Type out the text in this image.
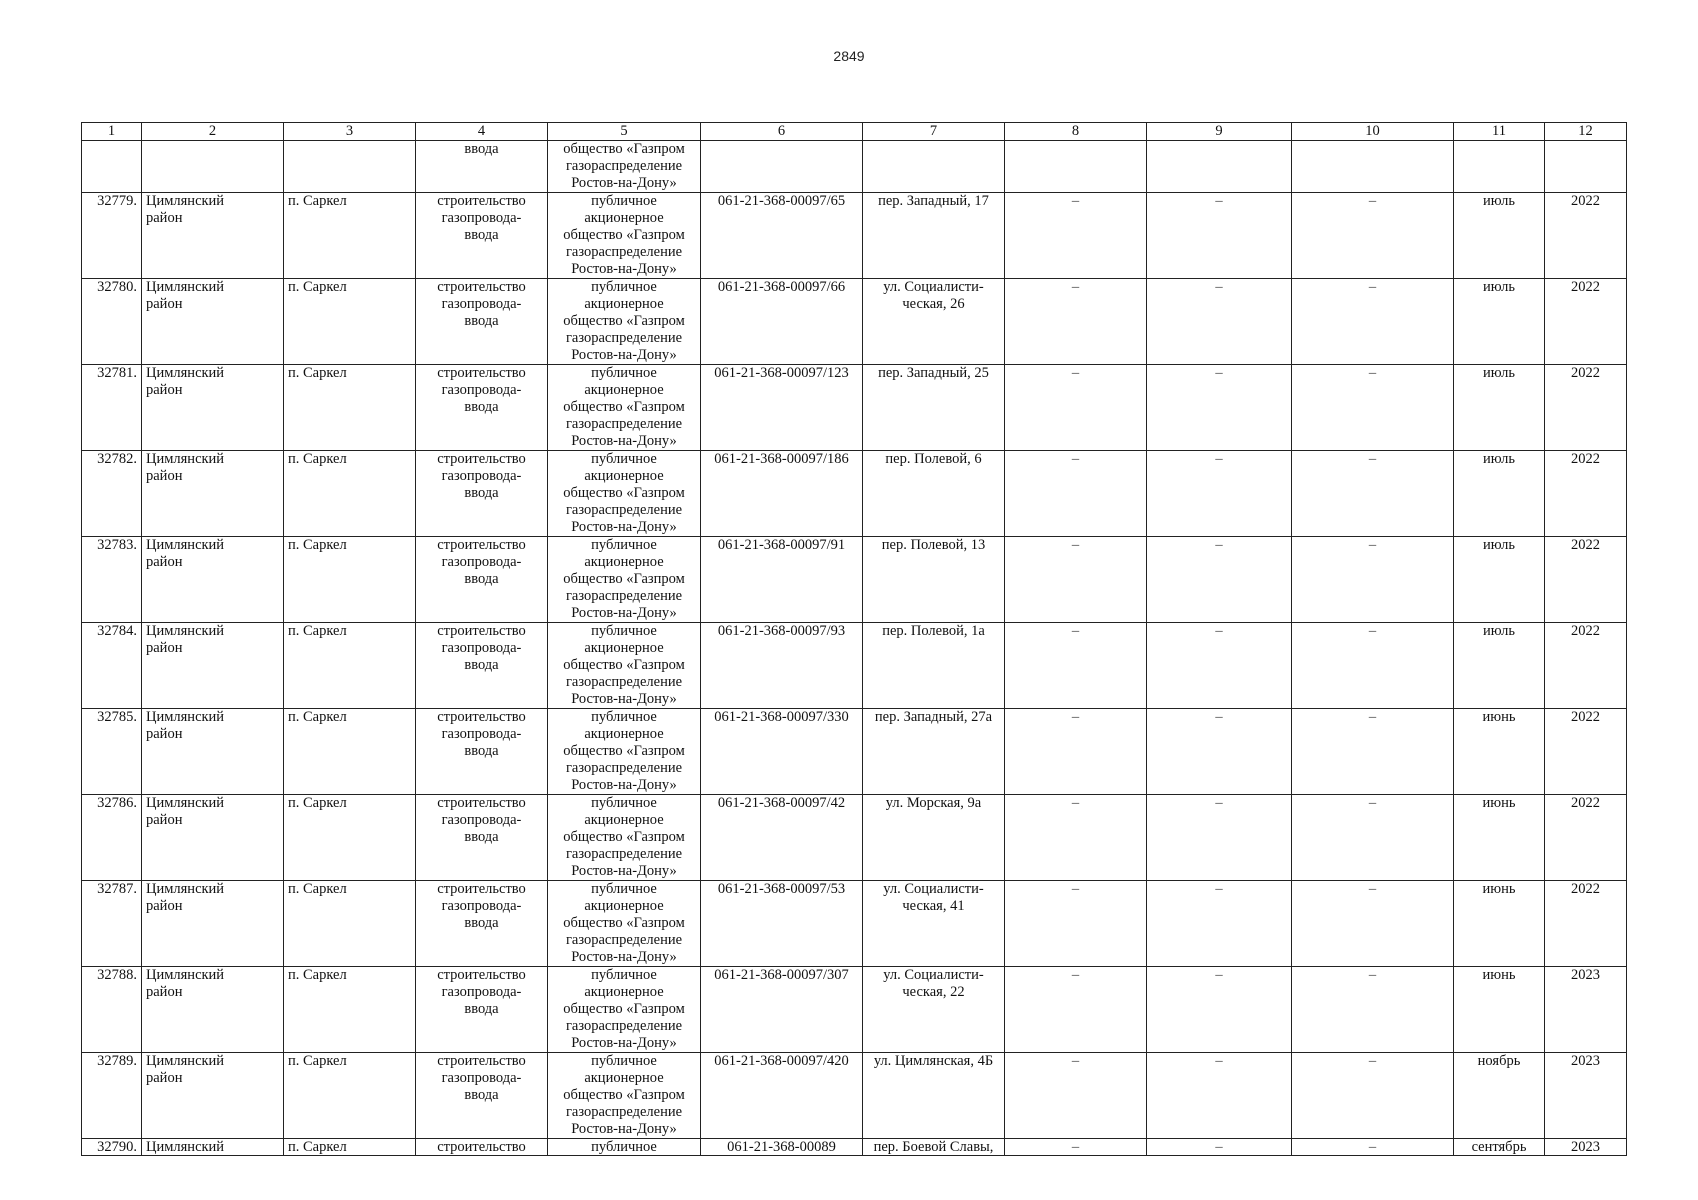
2849
1	2	3	4	5	6	7	8	9	10	11	12
			ввода	общество «Газпром
газораспределение
Ростов-на-Дону»							
32779.	Цимлянский
район	п. Саркел	строительство
газопровода-
ввода	публичное
акционерное
общество «Газпром
газораспределение
Ростов-на-Дону»	061-21-368-00097/65	пер. Западный, 17	–	–	–	июль	2022
32780.	Цимлянский
район	п. Саркел	строительство
газопровода-
ввода	публичное
акционерное
общество «Газпром
газораспределение
Ростов-на-Дону»	061-21-368-00097/66	ул. Социалисти-
ческая, 26	–	–	–	июль	2022
32781.	Цимлянский
район	п. Саркел	строительство
газопровода-
ввода	публичное
акционерное
общество «Газпром
газораспределение
Ростов-на-Дону»	061-21-368-00097/123	пер. Западный, 25	–	–	–	июль	2022
32782.	Цимлянский
район	п. Саркел	строительство
газопровода-
ввода	публичное
акционерное
общество «Газпром
газораспределение
Ростов-на-Дону»	061-21-368-00097/186	пер. Полевой, 6	–	–	–	июль	2022
32783.	Цимлянский
район	п. Саркел	строительство
газопровода-
ввода	публичное
акционерное
общество «Газпром
газораспределение
Ростов-на-Дону»	061-21-368-00097/91	пер. Полевой, 13	–	–	–	июль	2022
32784.	Цимлянский
район	п. Саркел	строительство
газопровода-
ввода	публичное
акционерное
общество «Газпром
газораспределение
Ростов-на-Дону»	061-21-368-00097/93	пер. Полевой, 1а	–	–	–	июль	2022
32785.	Цимлянский
район	п. Саркел	строительство
газопровода-
ввода	публичное
акционерное
общество «Газпром
газораспределение
Ростов-на-Дону»	061-21-368-00097/330	пер. Западный, 27а	–	–	–	июнь	2022
32786.	Цимлянский
район	п. Саркел	строительство
газопровода-
ввода	публичное
акционерное
общество «Газпром
газораспределение
Ростов-на-Дону»	061-21-368-00097/42	ул. Морская, 9а	–	–	–	июнь	2022
32787.	Цимлянский
район	п. Саркел	строительство
газопровода-
ввода	публичное
акционерное
общество «Газпром
газораспределение
Ростов-на-Дону»	061-21-368-00097/53	ул. Социалисти-
ческая, 41	–	–	–	июнь	2022
32788.	Цимлянский
район	п. Саркел	строительство
газопровода-
ввода	публичное
акционерное
общество «Газпром
газораспределение
Ростов-на-Дону»	061-21-368-00097/307	ул. Социалисти-
ческая, 22	–	–	–	июнь	2023
32789.	Цимлянский
район	п. Саркел	строительство
газопровода-
ввода	публичное
акционерное
общество «Газпром
газораспределение
Ростов-на-Дону»	061-21-368-00097/420	ул. Цимлянская, 4Б	–	–	–	ноябрь	2023
32790.	Цимлянский	п. Саркел	строительство	публичное	061-21-368-00089	пер. Боевой Славы,	–	–	–	сентябрь	2023
